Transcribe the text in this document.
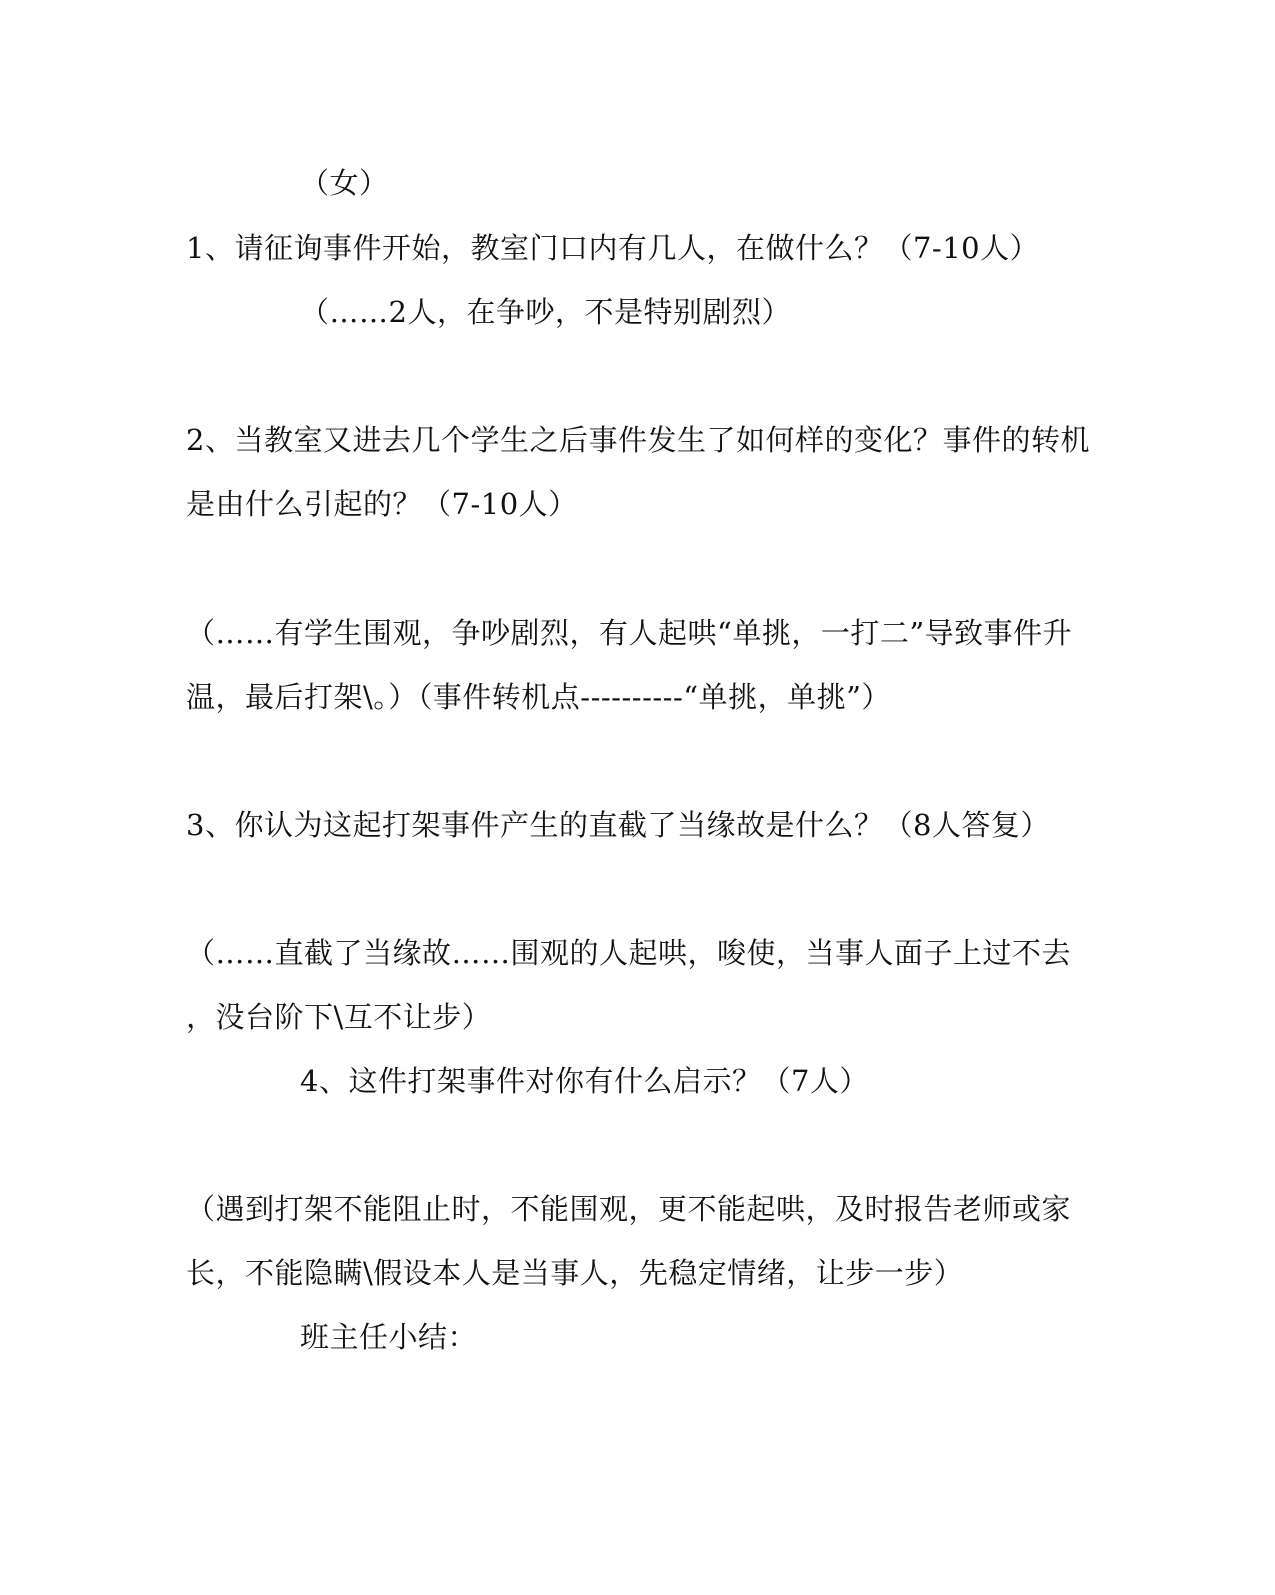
（女）
1、请征询事件开始，教室门口内有几人，在做什么？（7-10人）
（……2人，在争吵，不是特别剧烈）
2、当教室又进去几个学生之后事件发生了如何样的变化？事件的转机
是由什么引起的？（7-10人）
（……有学生围观，争吵剧烈，有人起哄“单挑，一打二”导致事件升
温，最后打架\。）（事件转机点----------“单挑，单挑”）
3、你认为这起打架事件产生的直截了当缘故是什么？（8人答复）
（……直截了当缘故……围观的人起哄，唆使，当事人面子上过不去
，没台阶下\互不让步）
4、这件打架事件对你有什么启示？（7人）
（遇到打架不能阻止时，不能围观，更不能起哄，及时报告老师或家
长，不能隐瞒\假设本人是当事人，先稳定情绪，让步一步）
班主任小结：
